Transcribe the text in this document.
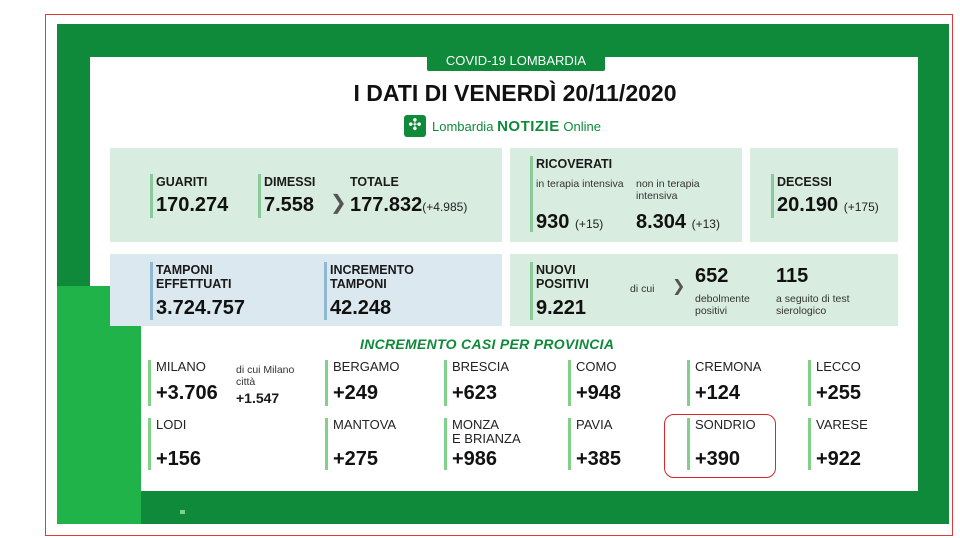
COVID-19 LOMBARDIA
I DATI DI VENERDÌ 20/11/2020
✣ Lombardia NOTIZIE Online
GUARITI
170.274
DIMESSI
7.558 ❯
TOTALE
177.832(+4.985)
RICOVERATI
in terapia intensiva
930 (+15)
non in terapia intensiva
8.304 (+13)
DECESSI
20.190 (+175)
TAMPONI EFFETTUATI
3.724.757
INCREMENTO TAMPONI
42.248
NUOVI POSITIVI
9.221
di cui ❯ 652
debolmente positivi
115
a seguito di test sierologico
INCREMENTO CASI PER PROVINCIA
MILANO
+3.706
di cui Milano città
+1.547
BERGAMO
+249
BRESCIA
+623
COMO
+948
CREMONA
+124
LECCO
+255
LODI
+156
MANTOVA
+275
MONZA
E BRIANZA
+986
PAVIA
+385
SONDRIO
+390
VARESE
+922
